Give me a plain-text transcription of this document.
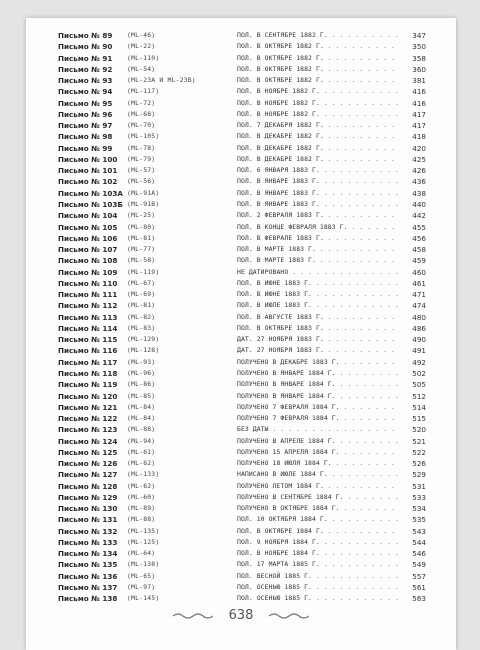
Письмо № 89	(ML-46)	ПОЛ. В СЕНТЯБРЕ 1882 Г. . . .	347
Письмо № 90	(ML-22)	ПОЛ. В ОКТЯБРЕ 1882 Г. . . .	350
Письмо № 91	(ML-110)	ПОЛ. В ОКТЯБРЕ 1882 Г. . . .	358
Письмо № 92	(ML-54)	ПОЛ. В ОКТЯБРЕ 1882 Г. . . .	360
Письмо № 93	(ML-23A И ML-23B)	ПОЛ. В ОКТЯБРЕ 1882 Г. . . .	381
Письмо № 94	(ML-117)	ПОЛ. В НОЯБРЕ 1882 Г. . . .	416
Письмо № 95	(ML-72)	ПОЛ. В НОЯБРЕ 1882 Г. . . .	416
Письмо № 96	(ML-68)	ПОЛ. В НОЯБРЕ 1882 Г. . . .	417
Письмо № 97	(ML-70)	ПОЛ. 7 ДЕКАБРЯ 1882 Г. . . .	417
Письмо № 98	(ML-105)	ПОЛ. В ДЕКАБРЕ 1882 Г. . . .	418
Письмо № 99	(ML-78)	ПОЛ. В ДЕКАБРЕ 1882 Г. . . .	420
Письмо № 100	(ML-79)	ПОЛ. В ДЕКАБРЕ 1882 Г. . . .	425
Письмо № 101	(ML-57)	ПОЛ. 6 ЯНВАРЯ 1883 Г. . . .	426
Письмо № 102	(ML-56)	ПОЛ. В ЯНВАРЕ 1883 Г. . . .	436
Письмо № 103А (ML-91A)	ПОЛ. В ЯНВАРЕ 1883 Г. . . .	438
Письмо № 103Б (ML-91B)	ПОЛ. В ЯНВАРЕ 1883 Г. . . .	440
Письмо № 104	(ML-25)	ПОЛ. 2 ФЕВРАЛЯ 1883 Г. . . .	442
Письмо № 105	(ML-80)	ПОЛ. В КОНЦЕ ФЕВРАЛЯ 1883 Г. . . .	455
Письмо № 106	(ML-81)	ПОЛ. В ФЕВРАЛЕ 1883 Г. . . .	456
Письмо № 107	(ML-77)	ПОЛ. В МАРТЕ 1883 Г. . . .	458
Письмо № 108	(ML-58)	ПОЛ. В МАРТЕ 1883 Г. . . .	459
Письмо № 109	(ML-119)	НЕ ДАТИРОВАНО . . .	460
Письмо № 110	(ML-67)	ПОЛ. В ИЮНЕ 1883 Г. . . .	461
Письмо № 111	(ML-69)	ПОЛ. В ИЮНЕ 1883 Г. . . .	471
Письмо № 112	(ML-81)	ПОЛ. В ИЮЛЕ 1883 Г. . . .	474
Письмо № 113	(ML-82)	ПОЛ. В АВГУСТЕ 1883 Г. . . .	480
Письмо № 114	(ML-83)	ПОЛ. В ОКТЯБРЕ 1883 Г. . . .	486
Письмо № 115	(ML-129)	ДАТ. 27 НОЯБРЯ 1883 Г. . . .	490
Письмо № 116	(ML-128)	ДАТ. 27 НОЯБРЯ 1883 Г. . . .	491
Письмо № 117	(ML-93)	ПОЛУЧЕНО В ДЕКАБРЕ 1883 Г. . . .	492
Письмо № 118	(ML-96)	ПОЛУЧЕНО В ЯНВАРЕ 1884 Г. . . .	502
Письмо № 119	(ML-86)	ПОЛУЧЕНО В ЯНВАРЕ 1884 Г. . . .	505
Письмо № 120	(ML-85)	ПОЛУЧЕНО В ЯНВАРЕ 1884 Г. . . .	512
Письмо № 121	(ML-84)	ПОЛУЧЕНО 7 ФЕВРАЛЯ 1884 Г. . . .	514
Письмо № 122	(ML-84)	ПОЛУЧЕНО 7 ФЕВРАЛЯ 1884 Г. . . .	515
Письмо № 123	(ML-88)	БЕЗ ДАТЫ . . .	520
Письмо № 124	(ML-94)	ПОЛУЧЕНО В АПРЕЛЕ 1884 Г. . . .	521
Письмо № 125	(ML-61)	ПОЛУЧЕНО 15 АПРЕЛЯ 1884 Г. . . .	522
Письмо № 126	(ML-62)	ПОЛУЧЕНО 18 ИЮЛЯ 1884 Г. . . .	526
Письмо № 127	(ML-133)	НАПИСАНО В ИЮЛЕ 1884 Г. . . .	529
Письмо № 128	(ML-62)	ПОЛУЧЕНО ЛЕТОМ 1884 Г. . . .	531
Письмо № 129	(ML-60)	ПОЛУЧЕНО В СЕНТЯБРЕ 1884 Г. . . .	533
Письмо № 130	(ML-89)	ПОЛУЧЕНО В ОКТЯБРЕ 1884 Г. . . .	534
Письмо № 131	(ML-88)	ПОЛ. 10 ОКТЯБРЯ 1884 Г. . . .	535
Письмо № 132	(ML-135)	ПОЛ. В ОКТЯБРЕ 1884 Г. . . .	543
Письмо № 133	(ML-125)	ПОЛ. 9 НОЯБРЯ 1884 Г. . . .	544
Письмо № 134	(ML-64)	ПОЛ. В НОЯБРЕ 1884 Г. . . .	546
Письмо № 135	(ML-138)	ПОЛ. 17 МАРТА 1885 Г. . . .	549
Письмо № 136	(ML-65)	ПОЛ. ВЕСНОЙ 1885 Г. . . .	557
Письмо № 137	(ML-97)	ПОЛ. ОСЕНЬЮ 1885 Г. . . .	561
Письмо № 138	(ML-145)	ПОЛ. ОСЕНЬЮ 1885 Г. . . .	563
638
